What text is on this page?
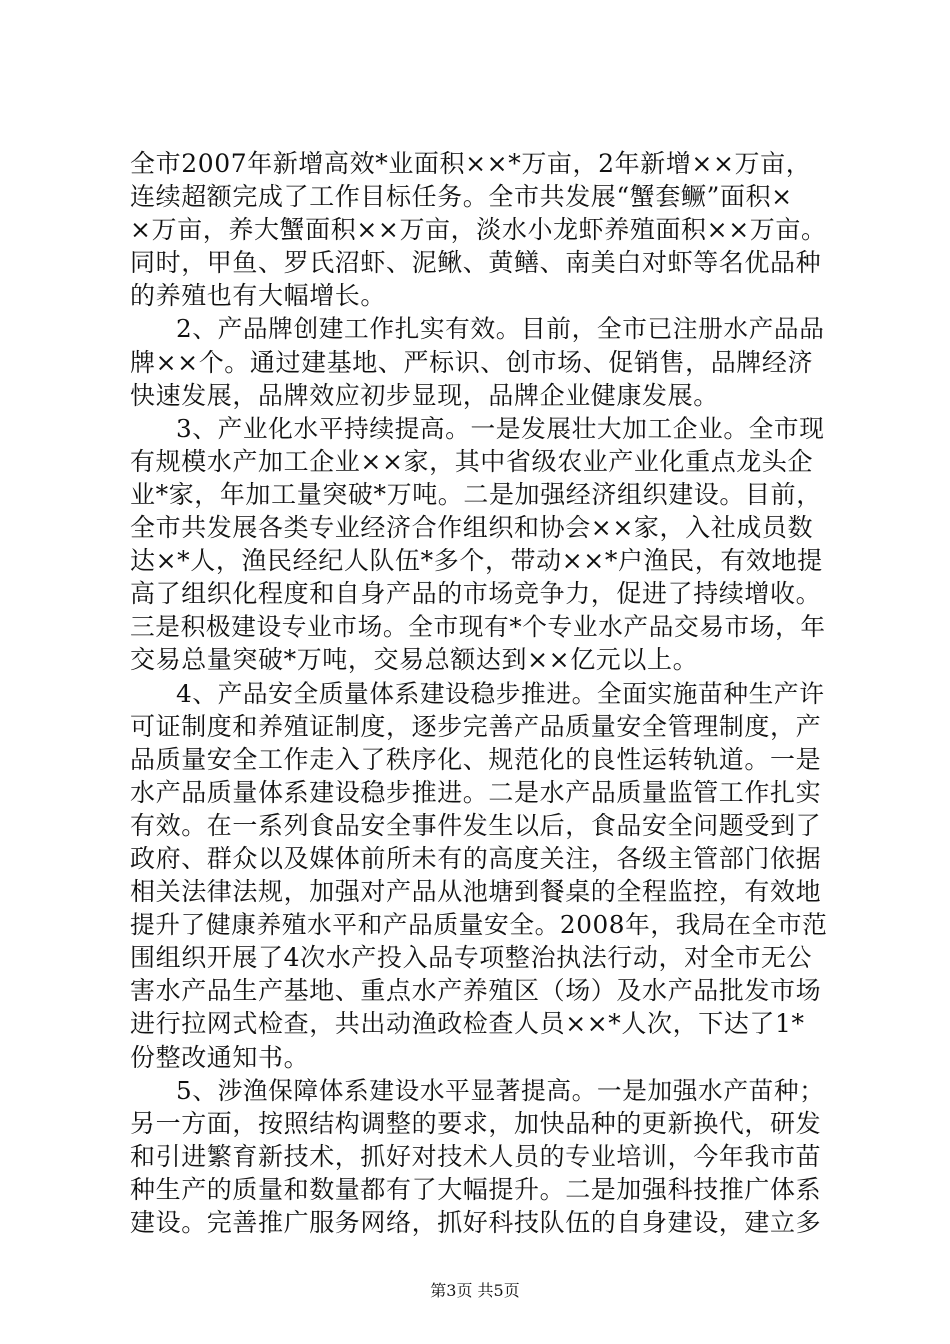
全市2007年新增高效*业面积××*万亩，2年新增××万亩，
连续超额完成了工作目标任务。全市共发展“蟹套鳜”面积×
×万亩，养大蟹面积××万亩，淡水小龙虾养殖面积××万亩。
同时，甲鱼、罗氏沼虾、泥鳅、黄鳝、南美白对虾等名优品种
的养殖也有大幅增长。
2、产品牌创建工作扎实有效。目前，全市已注册水产品品
牌××个。通过建基地、严标识、创市场、促销售，品牌经济
快速发展，品牌效应初步显现，品牌企业健康发展。
3、产业化水平持续提高。一是发展壮大加工企业。全市现
有规模水产加工企业××家，其中省级农业产业化重点龙头企
业*家，年加工量突破*万吨。二是加强经济组织建设。目前，
全市共发展各类专业经济合作组织和协会××家，入社成员数
达×*人，渔民经纪人队伍*多个，带动××*户渔民，有效地提
高了组织化程度和自身产品的市场竞争力，促进了持续增收。
三是积极建设专业市场。全市现有*个专业水产品交易市场，年
交易总量突破*万吨，交易总额达到××亿元以上。
4、产品安全质量体系建设稳步推进。全面实施苗种生产许
可证制度和养殖证制度，逐步完善产品质量安全管理制度，产
品质量安全工作走入了秩序化、规范化的良性运转轨道。一是
水产品质量体系建设稳步推进。二是水产品质量监管工作扎实
有效。在一系列食品安全事件发生以后，食品安全问题受到了
政府、群众以及媒体前所未有的高度关注，各级主管部门依据
相关法律法规，加强对产品从池塘到餐桌的全程监控，有效地
提升了健康养殖水平和产品质量安全。2008年，我局在全市范
围组织开展了4次水产投入品专项整治执法行动，对全市无公
害水产品生产基地、重点水产养殖区（场）及水产品批发市场
进行拉网式检查，共出动渔政检查人员××*人次，下达了1*
份整改通知书。
5、涉渔保障体系建设水平显著提高。一是加强水产苗种；
另一方面，按照结构调整的要求，加快品种的更新换代，研发
和引进繁育新技术，抓好对技术人员的专业培训，今年我市苗
种生产的质量和数量都有了大幅提升。二是加强科技推广体系
建设。完善推广服务网络，抓好科技队伍的自身建设，建立多
第3页 共5页
